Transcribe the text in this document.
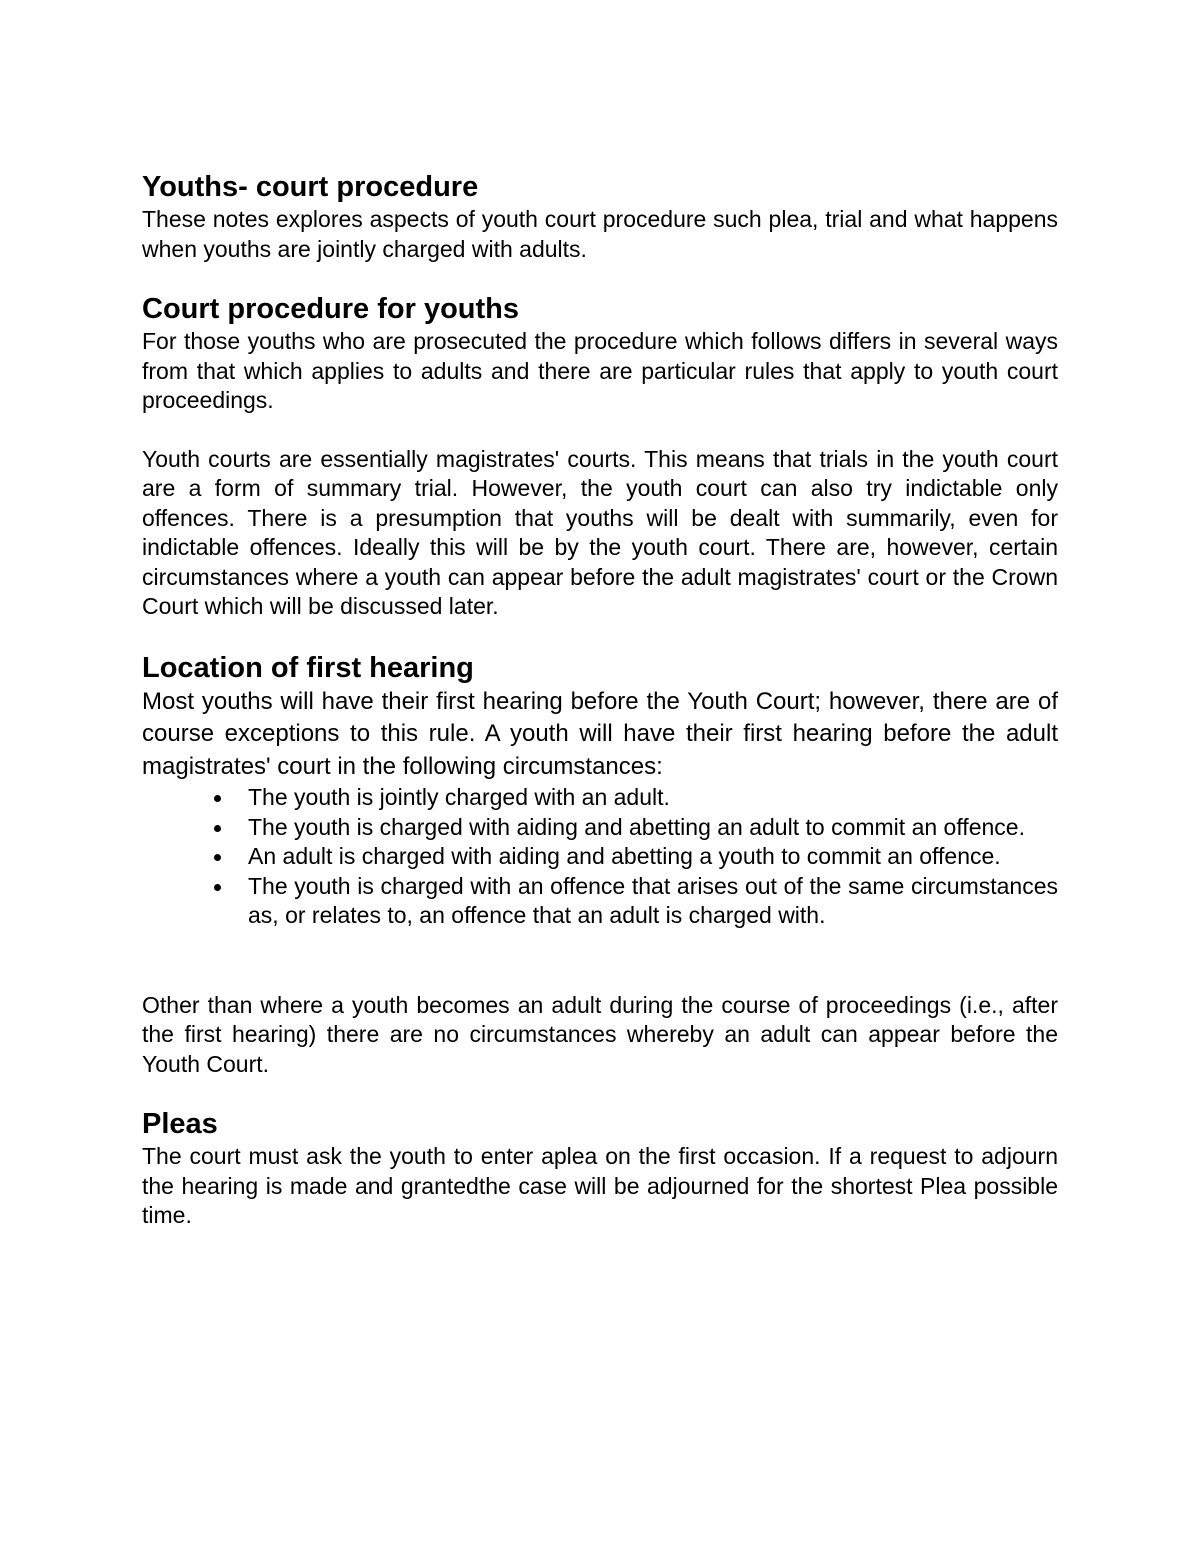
Youths- court procedure

These notes explores aspects of youth court procedure such plea, trial and what happens when youths are jointly charged with adults.

Court procedure for youths

For those youths who are prosecuted the procedure which follows differs in several ways from that which applies to adults and there are particular rules that apply to youth court proceedings.

Youth courts are essentially magistrates' courts. This means that trials in the youth court are a form of summary trial. However, the youth court can also try indictable only offences. There is a presumption that youths will be dealt with summarily, even for indictable offences. Ideally this will be by the youth court. There are, however, certain circumstances where a youth can appear before the adult magistrates' court or the Crown Court which will be discussed later.

Location of first hearing

Most youths will have their first hearing before the Youth Court; however, there are of course exceptions to this rule. A youth will have their first hearing before the adult magistrates' court in the following circumstances:

The youth is jointly charged with an adult.
The youth is charged with aiding and abetting an adult to commit an offence.
An adult is charged with aiding and abetting a youth to commit an offence.
The youth is charged with an offence that arises out of the same circumstances as, or relates to, an offence that an adult is charged with.

Other than where a youth becomes an adult during the course of proceedings (i.e., after the first hearing) there are no circumstances whereby an adult can appear before the Youth Court.

Pleas

The court must ask the youth to enter aplea on the first occasion. If a request to adjourn the hearing is made and grantedthe case will be adjourned for the shortest Plea possible time.
